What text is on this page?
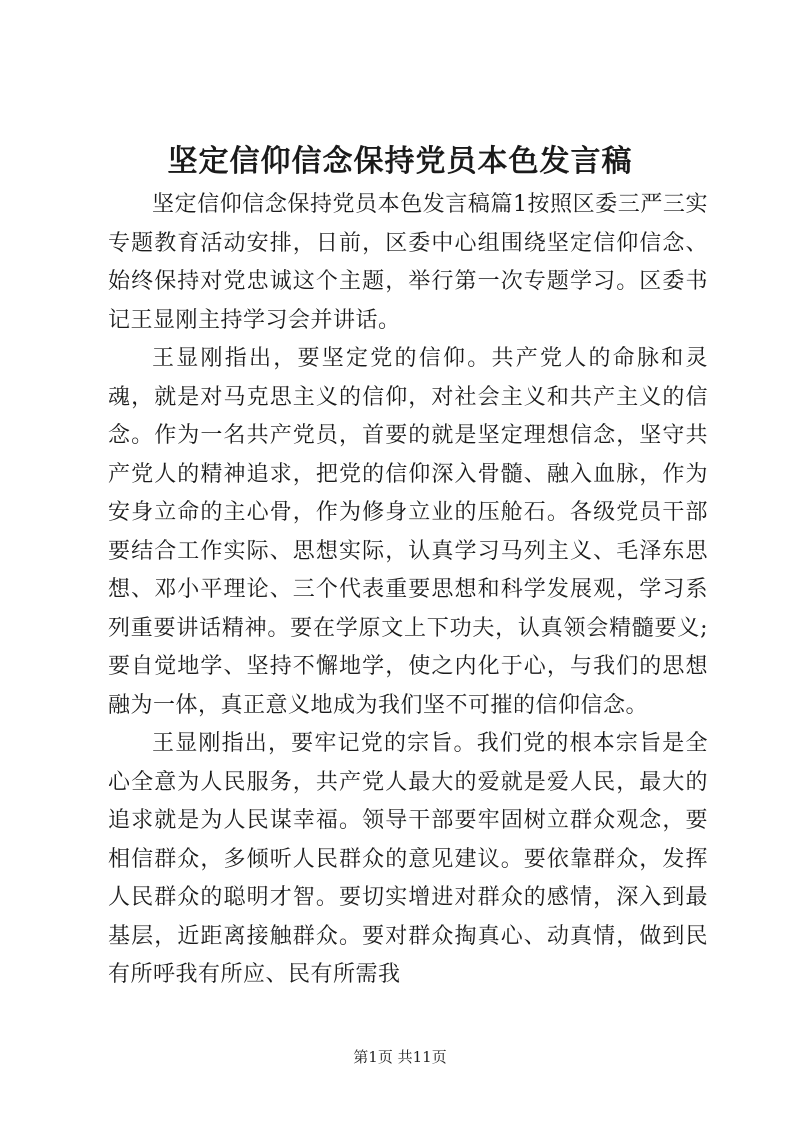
坚定信仰信念保持党员本色发言稿

坚定信仰信念保持党员本色发言稿篇1按照区委三严三实专题教育活动安排，日前，区委中心组围绕坚定信仰信念、始终保持对党忠诚这个主题，举行第一次专题学习。区委书记王显刚主持学习会并讲话。

王显刚指出，要坚定党的信仰。共产党人的命脉和灵魂，就是对马克思主义的信仰，对社会主义和共产主义的信念。作为一名共产党员，首要的就是坚定理想信念，坚守共产党人的精神追求，把党的信仰深入骨髓、融入血脉，作为安身立命的主心骨，作为修身立业的压舱石。各级党员干部要结合工作实际、思想实际，认真学习马列主义、毛泽东思想、邓小平理论、三个代表重要思想和科学发展观，学习系列重要讲话精神。要在学原文上下功夫，认真领会精髓要义;要自觉地学、坚持不懈地学，使之内化于心，与我们的思想融为一体，真正意义地成为我们坚不可摧的信仰信念。

王显刚指出，要牢记党的宗旨。我们党的根本宗旨是全心全意为人民服务，共产党人最大的爱就是爱人民，最大的追求就是为人民谋幸福。领导干部要牢固树立群众观念，要相信群众，多倾听人民群众的意见建议。要依靠群众，发挥人民群众的聪明才智。要切实增进对群众的感情，深入到最基层，近距离接触群众。要对群众掏真心、动真情，做到民有所呼我有所应、民有所需我

第1页 共11页
